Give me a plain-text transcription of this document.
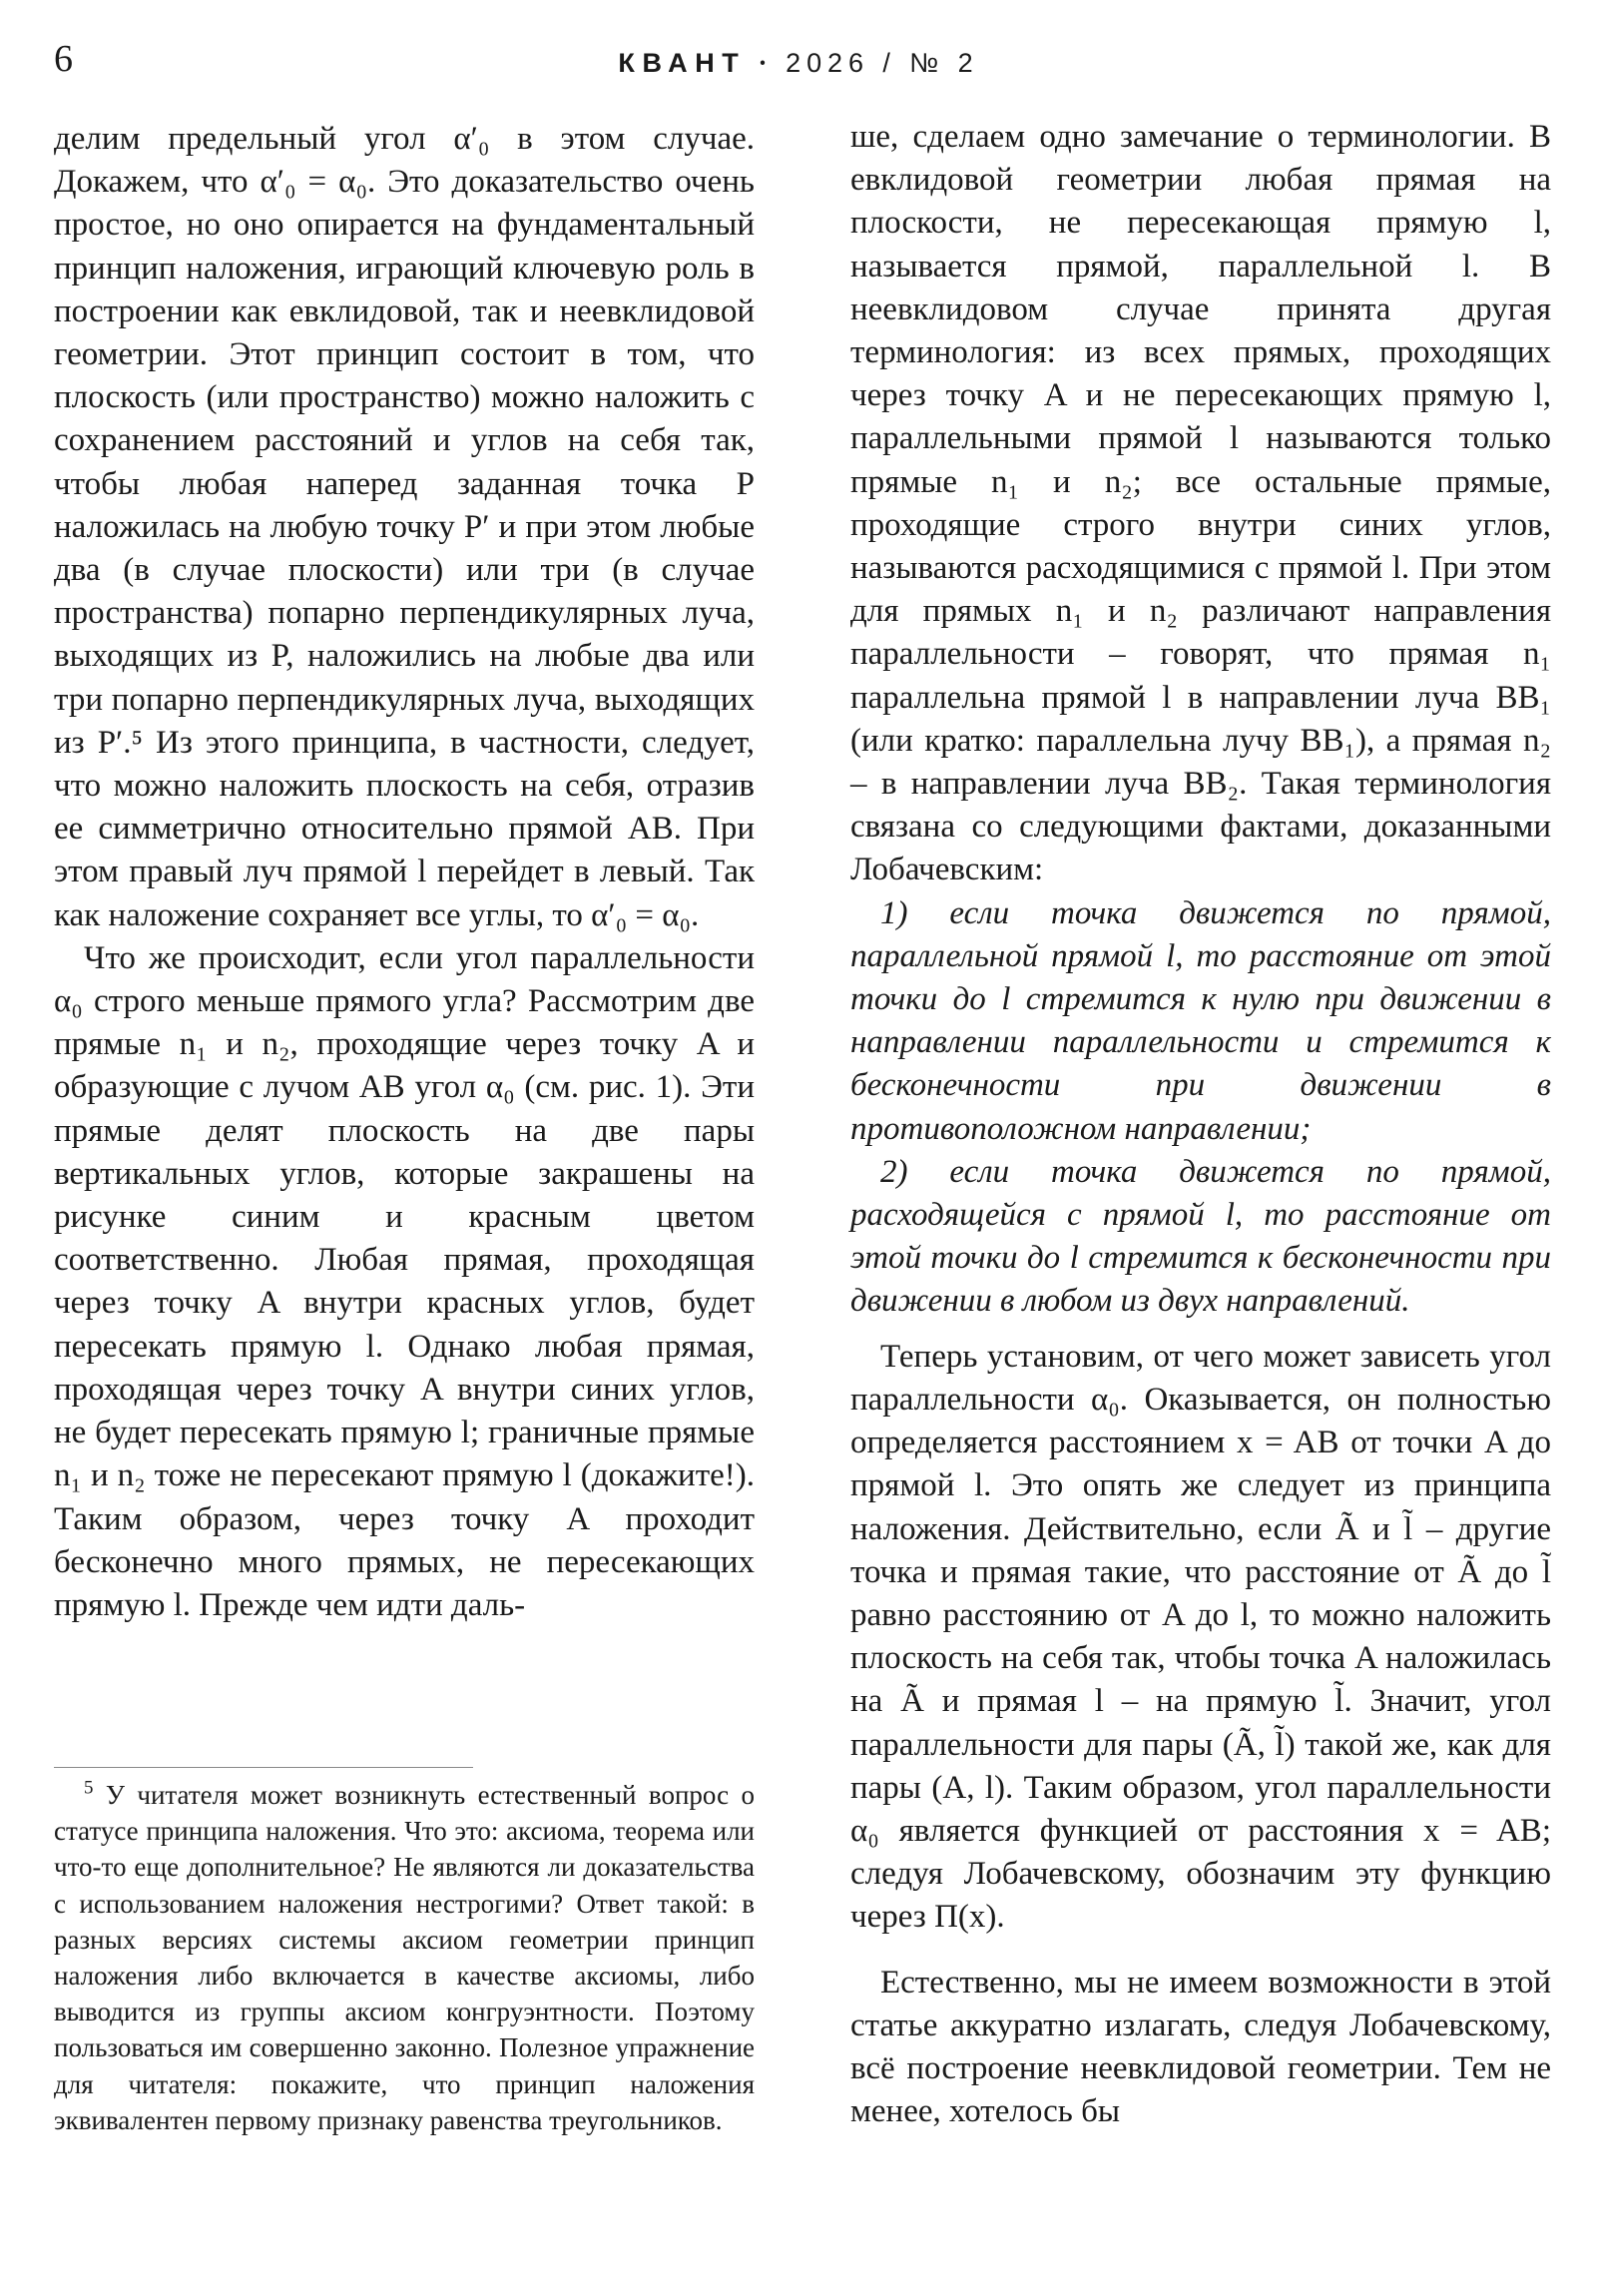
6	КВАНТ · 2026 / № 2

делим предельный угол α′₀ в этом случае. Докажем, что α′₀ = α₀. Это доказательство очень простое, но оно опирается на фундаментальный принцип наложения, играющий ключевую роль в построении как евклидовой, так и неевклидовой геометрии. Этот принцип состоит в том, что плоскость (или пространство) можно наложить с сохранением расстояний и углов на себя так, чтобы любая наперед заданная точка P наложилась на любую точку P′ и при этом любые два (в случае плоскости) или три (в случае пространства) попарно перпендикулярных луча, выходящих из P, наложились на любые два или три попарно перпендикулярных луча, выходящих из P′.⁵ Из этого принципа, в частности, следует, что можно наложить плоскость на себя, отразив ее симметрично относительно прямой AB. При этом правый луч прямой l перейдет в левый. Так как наложение сохраняет все углы, то α′₀ = α₀.

Что же происходит, если угол параллельности α₀ строго меньше прямого угла? Рассмотрим две прямые n₁ и n₂, проходящие через точку A и образующие с лучом AB угол α₀ (см. рис. 1). Эти прямые делят плоскость на две пары вертикальных углов, которые закрашены на рисунке синим и красным цветом соответственно. Любая прямая, проходящая через точку A внутри красных углов, будет пересекать прямую l. Однако любая прямая, проходящая через точку A внутри синих углов, не будет пересекать прямую l; граничные прямые n₁ и n₂ тоже не пересекают прямую l (докажите!). Таким образом, через точку A проходит бесконечно много прямых, не пересекающих прямую l. Прежде чем идти даль-

$^5$ У читателя может возникнуть естественный вопрос о статусе принципа наложения. Что это: аксиома, теорема или что-то еще дополнительное? Не являются ли доказательства с использованием наложения нестрогими? Ответ такой: в разных версиях системы аксиом геометрии принцип наложения либо включается в качестве аксиомы, либо выводится из группы аксиом конгруэнтности. Поэтому пользоваться им совершенно законно. Полезное упражнение для читателя: покажите, что принцип наложения эквивалентен первому признаку равенства треугольников.

ше, сделаем одно замечание о терминологии. В евклидовой геометрии любая прямая на плоскости, не пересекающая прямую l, называется прямой, параллельной l. В неевклидовом случае принята другая терминология: из всех прямых, проходящих через точку A и не пересекающих прямую l, параллельными прямой l называются только прямые n₁ и n₂; все остальные прямые, проходящие строго внутри синих углов, называются расходящимися с прямой l. При этом для прямых n₁ и n₂ различают направления параллельности – говорят, что прямая n₁ параллельна прямой l в направлении луча BB₁ (или кратко: параллельна лучу BB₁), а прямая n₂ – в направлении луча BB₂. Такая терминология связана со следующими фактами, доказанными Лобачевским:

1) если точка движется по прямой, параллельной прямой l, то расстояние от этой точки до l стремится к нулю при движении в направлении параллельности и стремится к бесконечности при движении в противоположном направлении;

2) если точка движется по прямой, расходящейся с прямой l, то расстояние от этой точки до l стремится к бесконечности при движении в любом из двух направлений.

Теперь установим, от чего может зависеть угол параллельности α₀. Оказывается, он полностью определяется расстоянием x = AB от точки A до прямой l. Это опять же следует из принципа наложения. Действительно, если Ã и l̃ – другие точка и прямая такие, что расстояние от Ã до l̃ равно расстоянию от A до l, то можно наложить плоскость на себя так, чтобы точка A наложилась на Ã и прямая l – на прямую l̃. Значит, угол параллельности для пары (Ã, l̃) такой же, как для пары (A, l). Таким образом, угол параллельности α₀ является функцией от расстояния x = AB; следуя Лобачевскому, обозначим эту функцию через Π(x).

Естественно, мы не имеем возможности в этой статье аккуратно излагать, следуя Лобачевскому, всё построение неевклидовой геометрии. Тем не менее, хотелось бы
